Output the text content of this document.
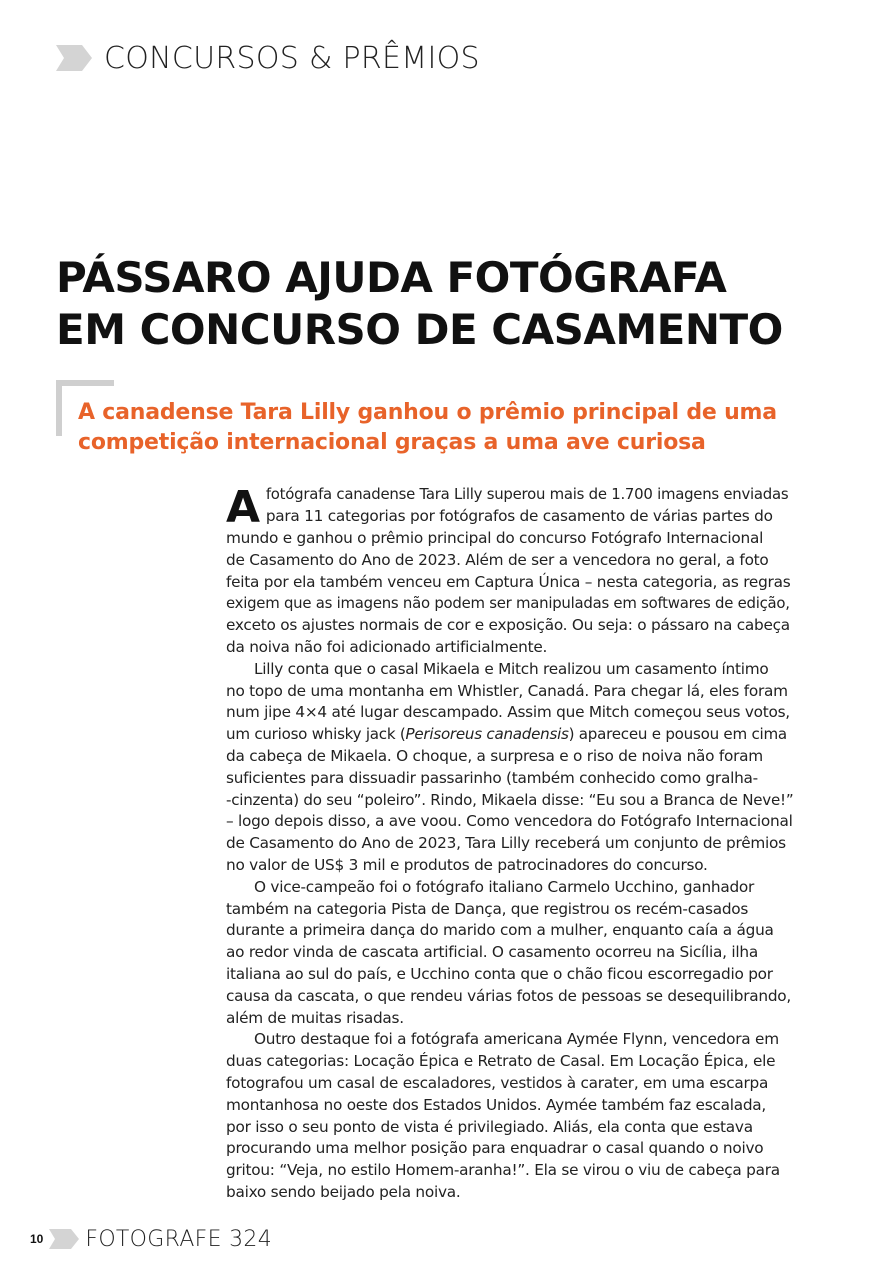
CONCURSOS & PRÊMIOS
PÁSSARO AJUDA FOTÓGRAFA
EM CONCURSO DE CASAMENTO
A canadense Tara Lilly ganhou o prêmio principal de uma
competição internacional graças a uma ave curiosa
A fotógrafa canadense Tara Lilly superou mais de 1.700 imagens enviadas
para 11 categorias por fotógrafos de casamento de várias partes do
mundo e ganhou o prêmio principal do concurso Fotógrafo Internacional
de Casamento do Ano de 2023. Além de ser a vencedora no geral, a foto
feita por ela também venceu em Captura Única – nesta categoria, as regras
exigem que as imagens não podem ser manipuladas em softwares de edição,
exceto os ajustes normais de cor e exposição. Ou seja: o pássaro na cabeça
da noiva não foi adicionado artificialmente.
Lilly conta que o casal Mikaela e Mitch realizou um casamento íntimo
no topo de uma montanha em Whistler, Canadá. Para chegar lá, eles foram
num jipe 4×4 até lugar descampado. Assim que Mitch começou seus votos,
um curioso whisky jack (Perisoreus canadensis) apareceu e pousou em cima
da cabeça de Mikaela. O choque, a surpresa e o riso de noiva não foram
suficientes para dissuadir passarinho (também conhecido como gralha-
-cinzenta) do seu “poleiro”. Rindo, Mikaela disse: “Eu sou a Branca de Neve!”
– logo depois disso, a ave voou. Como vencedora do Fotógrafo Internacional
de Casamento do Ano de 2023, Tara Lilly receberá um conjunto de prêmios
no valor de US$ 3 mil e produtos de patrocinadores do concurso.
O vice-campeão foi o fotógrafo italiano Carmelo Ucchino, ganhador
também na categoria Pista de Dança, que registrou os recém-casados
durante a primeira dança do marido com a mulher, enquanto caía a água
ao redor vinda de cascata artificial. O casamento ocorreu na Sicília, ilha
italiana ao sul do país, e Ucchino conta que o chão ficou escorregadio por
causa da cascata, o que rendeu várias fotos de pessoas se desequilibrando,
além de muitas risadas.
Outro destaque foi a fotógrafa americana Aymée Flynn, vencedora em
duas categorias: Locação Épica e Retrato de Casal. Em Locação Épica, ele
fotografou um casal de escaladores, vestidos à carater, em uma escarpa
montanhosa no oeste dos Estados Unidos. Aymée também faz escalada,
por isso o seu ponto de vista é privilegiado. Aliás, ela conta que estava
procurando uma melhor posição para enquadrar o casal quando o noivo
gritou: “Veja, no estilo Homem-aranha!”. Ela se virou o viu de cabeça para
baixo sendo beijado pela noiva.
10 FOTOGRAFE 324
